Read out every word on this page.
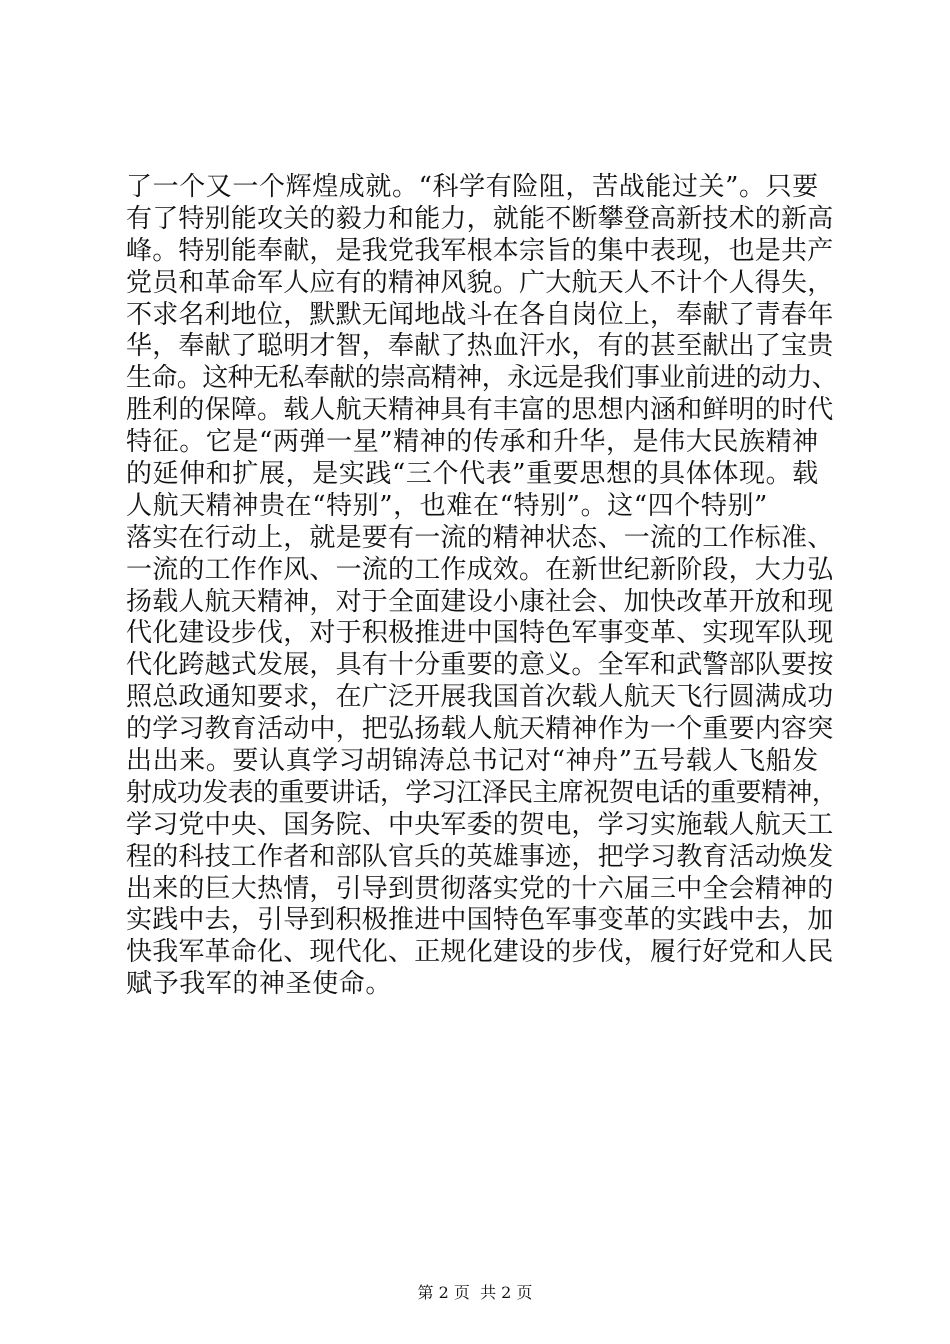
了一个又一个辉煌成就。“科学有险阻，苦战能过关”。只要
有了特别能攻关的毅力和能力，就能不断攀登高新技术的新高
峰。特别能奉献，是我党我军根本宗旨的集中表现，也是共产
党员和革命军人应有的精神风貌。广大航天人不计个人得失，
不求名利地位，默默无闻地战斗在各自岗位上，奉献了青春年
华，奉献了聪明才智，奉献了热血汗水，有的甚至献出了宝贵
生命。这种无私奉献的崇高精神，永远是我们事业前进的动力、
胜利的保障。载人航天精神具有丰富的思想内涵和鲜明的时代
特征。它是“两弹一星”精神的传承和升华，是伟大民族精神
的延伸和扩展，是实践“三个代表”重要思想的具体体现。载
人航天精神贵在“特别”，也难在“特别”。这“四个特别”
落实在行动上，就是要有一流的精神状态、一流的工作标准、
一流的工作作风、一流的工作成效。在新世纪新阶段，大力弘
扬载人航天精神，对于全面建设小康社会、加快改革开放和现
代化建设步伐，对于积极推进中国特色军事变革、实现军队现
代化跨越式发展，具有十分重要的意义。全军和武警部队要按
照总政通知要求，在广泛开展我国首次载人航天飞行圆满成功
的学习教育活动中，把弘扬载人航天精神作为一个重要内容突
出出来。要认真学习胡锦涛总书记对“神舟”五号载人飞船发
射成功发表的重要讲话，学习江泽民主席祝贺电话的重要精神，
学习党中央、国务院、中央军委的贺电，学习实施载人航天工
程的科技工作者和部队官兵的英雄事迹，把学习教育活动焕发
出来的巨大热情，引导到贯彻落实党的十六届三中全会精神的
实践中去，引导到积极推进中国特色军事变革的实践中去，加
快我军革命化、现代化、正规化建设的步伐，履行好党和人民
赋予我军的神圣使命。
第 2 页  共 2 页
